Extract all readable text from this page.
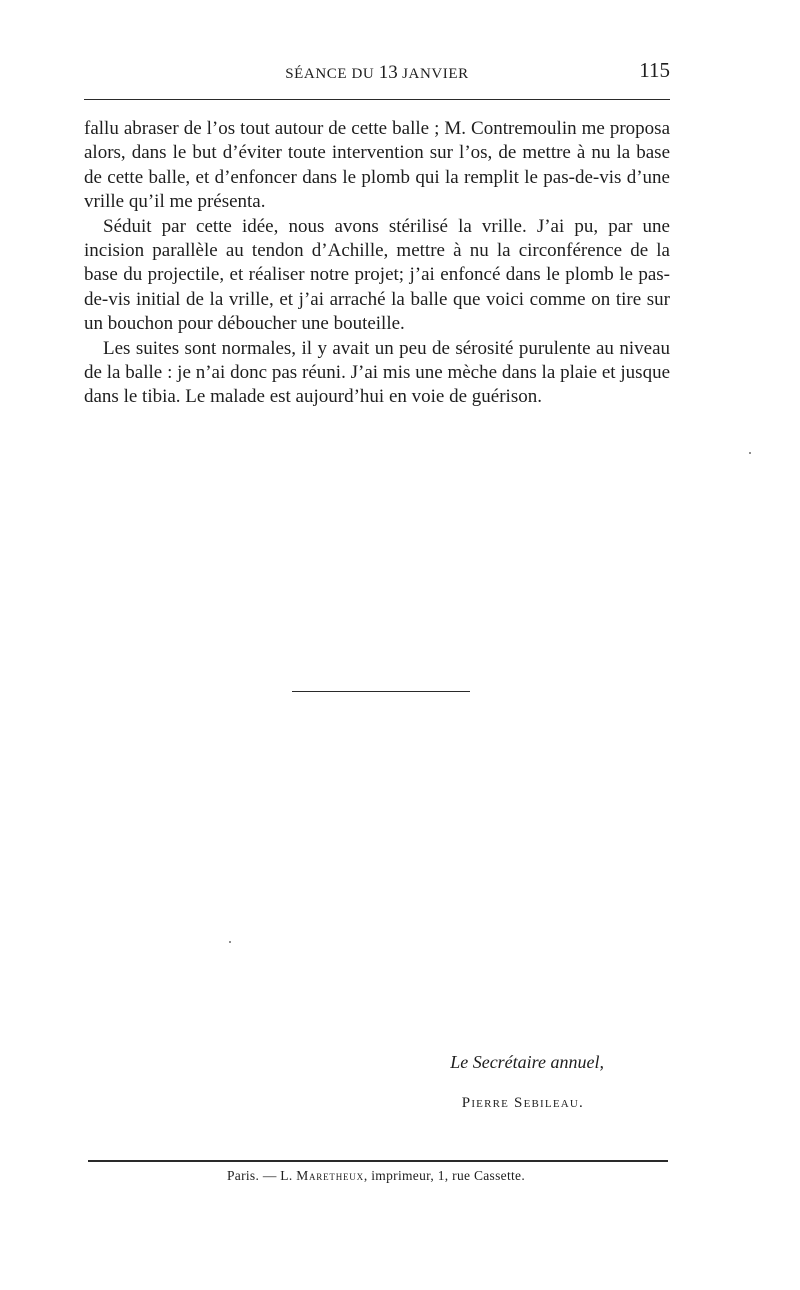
SÉANCE DU 13 JANVIER	115

fallu abraser de l’os tout autour de cette balle ; M. Contremoulin me proposa alors, dans le but d’éviter toute intervention sur l’os, de mettre à nu la base de cette balle, et d’enfoncer dans le plomb qui la remplit le pas-de-vis d’une vrille qu’il me présenta.

Séduit par cette idée, nous avons stérilisé la vrille. J’ai pu, par une incision parallèle au tendon d’Achille, mettre à nu la circonférence de la base du projectile, et réaliser notre projet; j’ai enfoncé dans le plomb le pas-de-vis initial de la vrille, et j’ai arraché la balle que voici comme on tire sur un bouchon pour déboucher une bouteille.

Les suites sont normales, il y avait un peu de sérosité purulente au niveau de la balle : je n’ai donc pas réuni. J’ai mis une mèche dans la plaie et jusque dans le tibia. Le malade est aujourd’hui en voie de guérison.

Le Secrétaire annuel,
Pierre Sebileau.
Paris. — L. Maretheux, imprimeur, 1, rue Cassette.
